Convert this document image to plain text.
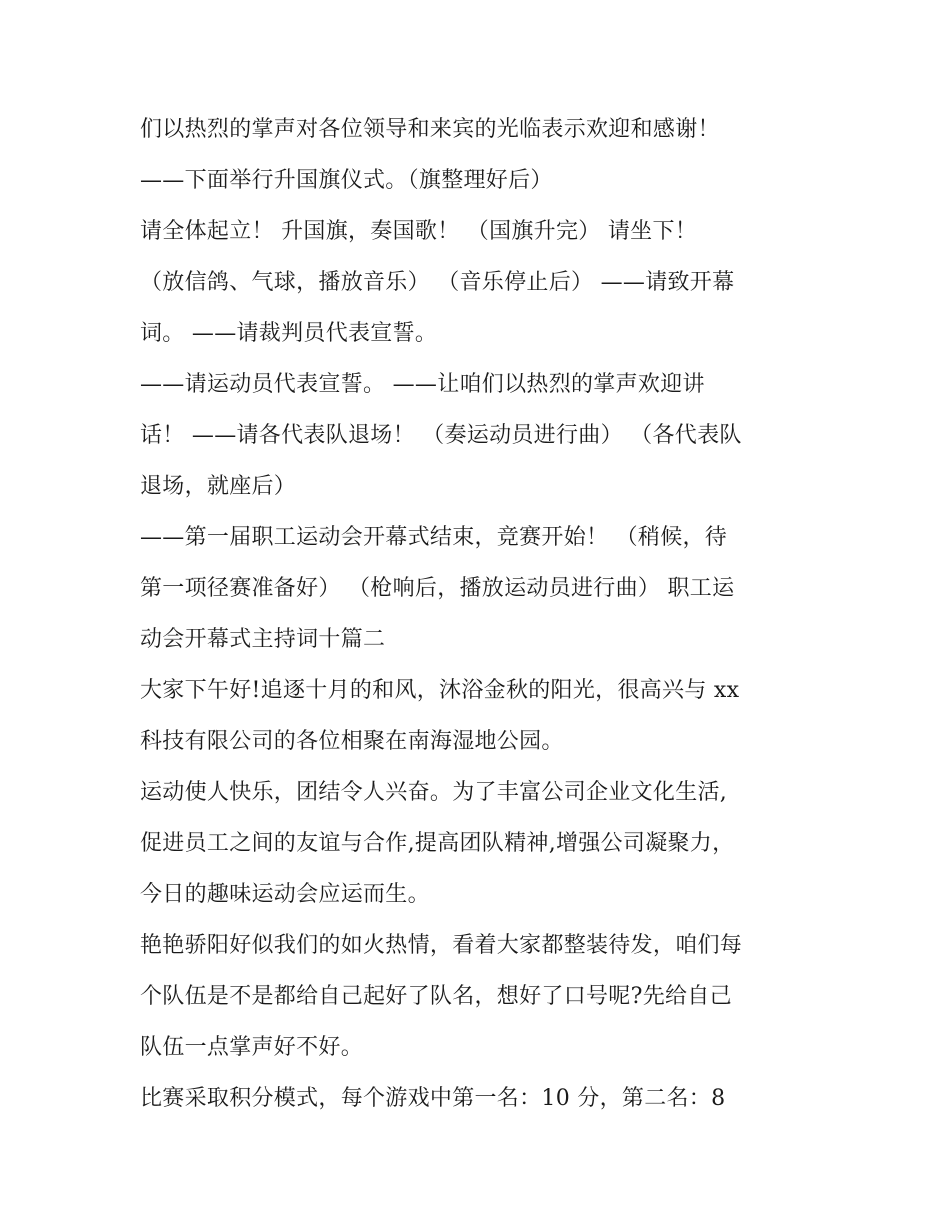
们以热烈的掌声对各位领导和来宾的光临表示欢迎和感谢！
——下面举行升国旗仪式。（旗整理好后）
请全体起立！ 升国旗，奏国歌！ （国旗升完） 请坐下！
（放信鸽、气球，播放音乐） （音乐停止后） ——请致开幕
词。 ——请裁判员代表宣誓。
——请运动员代表宣誓。 ——让咱们以热烈的掌声欢迎讲
话！ ——请各代表队退场！ （奏运动员进行曲） （各代表队
退场，就座后）
——第一届职工运动会开幕式结束，竞赛开始！ （稍候，待
第一项径赛准备好） （枪响后，播放运动员进行曲） 职工运
动会开幕式主持词十篇二
大家下午好!追逐十月的和风，沐浴金秋的阳光，很高兴与 xx
科技有限公司的各位相聚在南海湿地公园。
运动使人快乐，团结令人兴奋。为了丰富公司企业文化生活,
促进员工之间的友谊与合作,提高团队精神,增强公司凝聚力，
今日的趣味运动会应运而生。
艳艳骄阳好似我们的如火热情，看着大家都整装待发，咱们每
个队伍是不是都给自己起好了队名，想好了口号呢?先给自己
队伍一点掌声好不好。
比赛采取积分模式，每个游戏中第一名：10 分，第二名：8
